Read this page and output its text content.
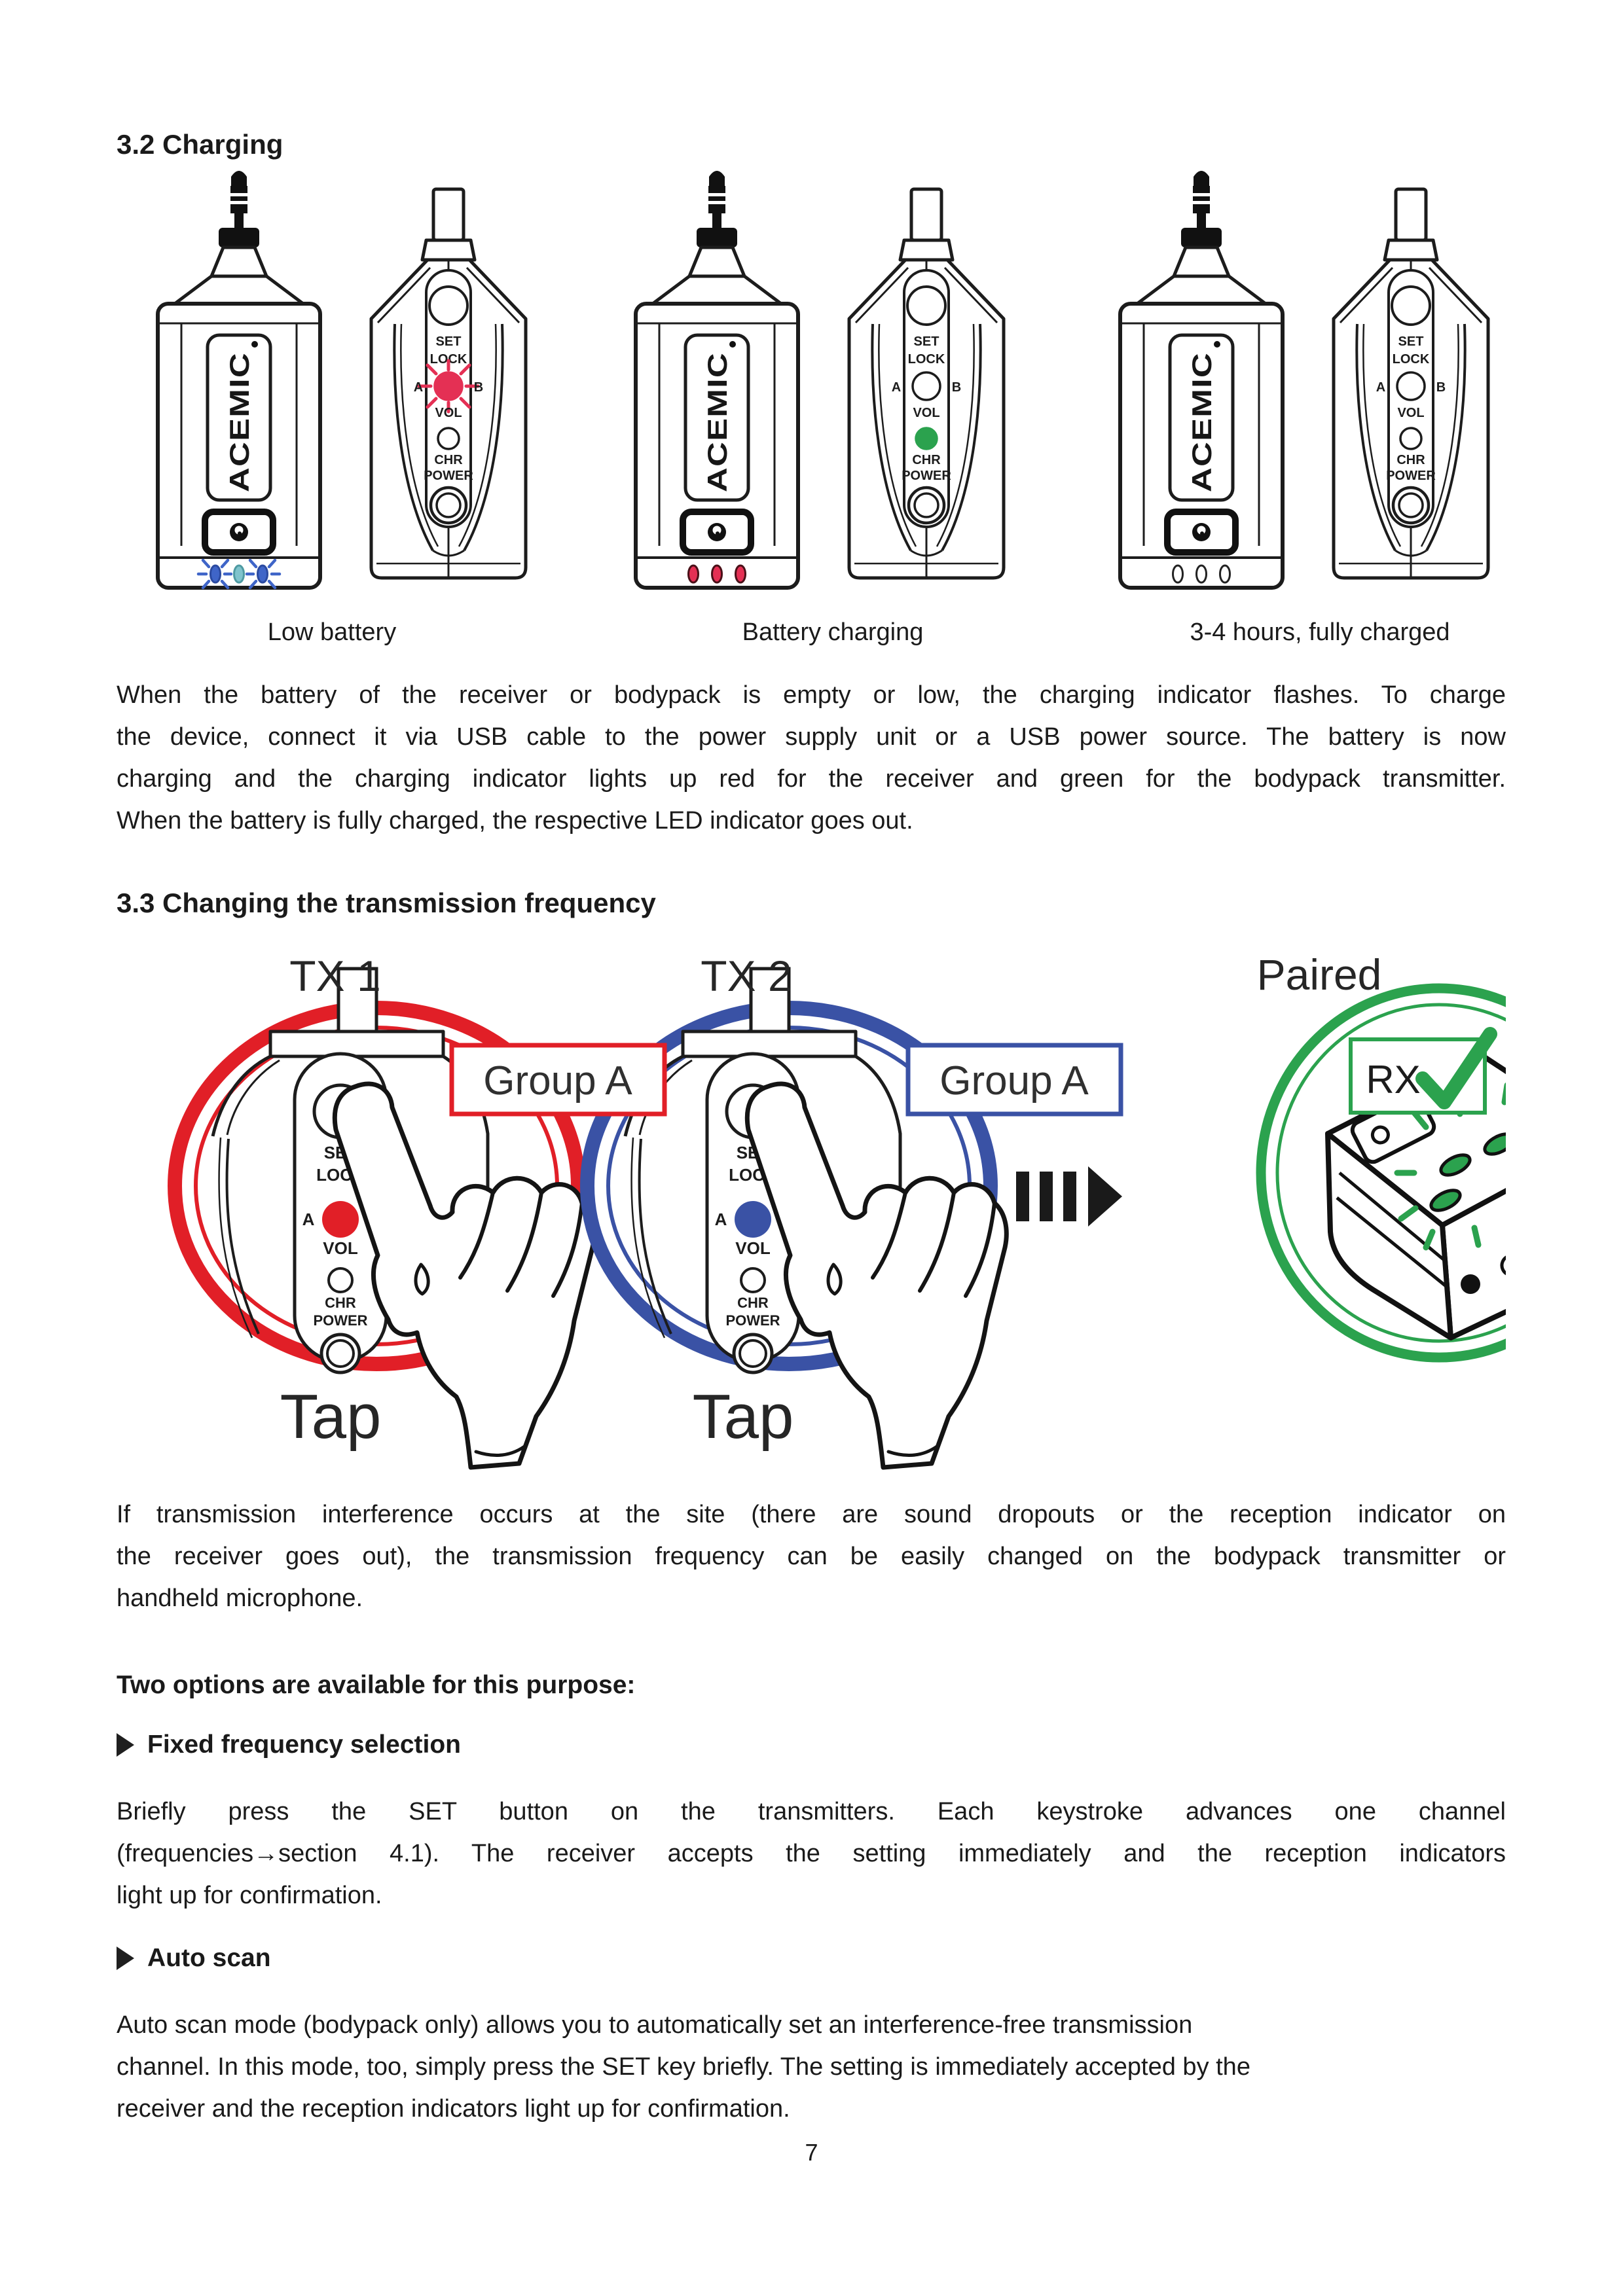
3.2 Charging
Low battery	Battery charging	3-4 hours, fully charged
When the battery of the receiver or bodypack is empty or low, the charging indicator flashes. To charge
the device, connect it via USB cable to the power supply unit or a USB power source. The battery is now
charging and the charging indicator lights up red for the receiver and green for the bodypack transmitter.
When the battery is fully charged, the respective LED indicator goes out.
3.3 Changing the transmission frequency
TX 1	TX 2	Paired
Group A	Group A	RX
Tap	Tap
If transmission interference occurs at the site (there are sound dropouts or the reception indicator on
the receiver goes out), the transmission frequency can be easily changed on the bodypack transmitter or
handheld microphone.
Two options are available for this purpose:
Fixed frequency selection
Briefly press the SET button on the transmitters. Each keystroke advances one channel
(frequencies→section 4.1). The receiver accepts the setting immediately and the reception indicators
light up for confirmation.
Auto scan
Auto scan mode (bodypack only) allows you to automatically set an interference-free transmission
channel. In this mode, too, simply press the SET key briefly. The setting is immediately accepted by the
receiver and the reception indicators light up for confirmation.
7
